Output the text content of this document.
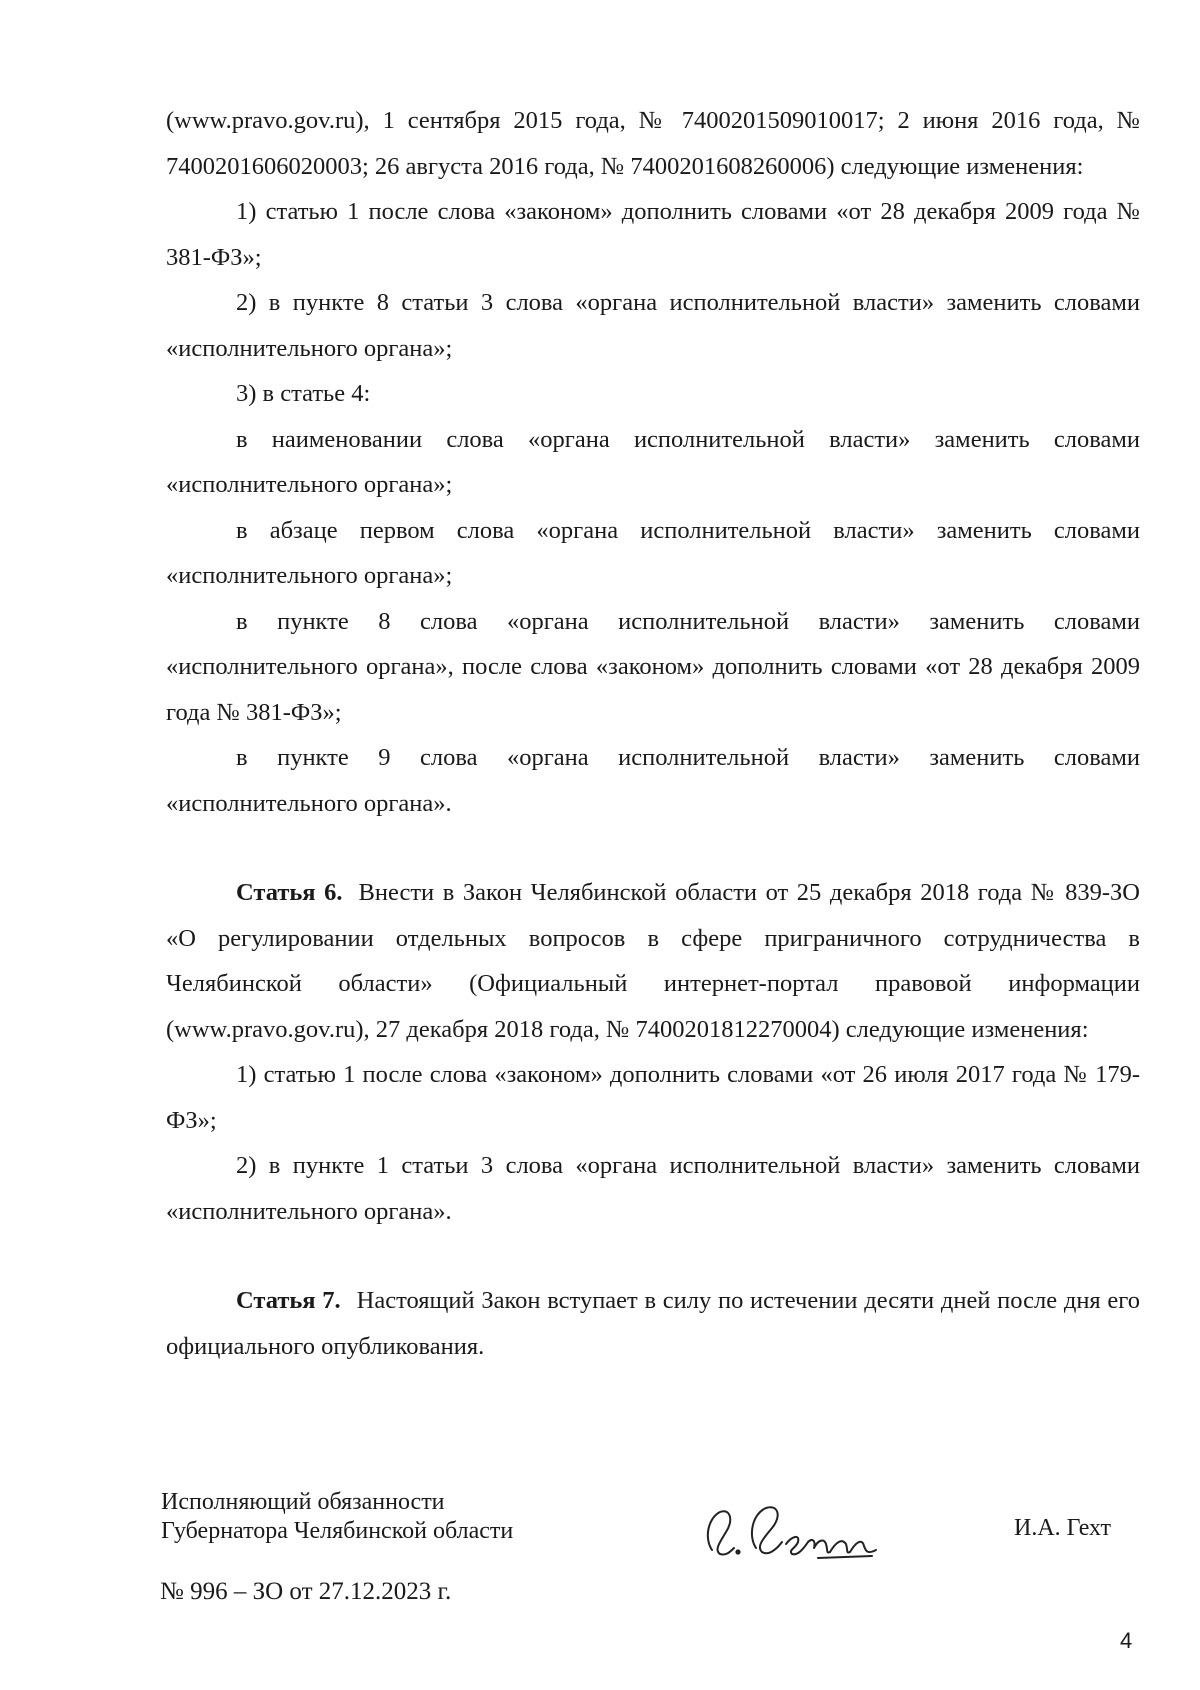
(www.pravo.gov.ru), 1 сентября 2015 года, № 7400201509010017; 2 июня 2016 года, № 7400201606020003; 26 августа 2016 года, № 7400201608260006) следующие изменения:

1) статью 1 после слова «законом» дополнить словами «от 28 декабря 2009 года № 381-ФЗ»;

2) в пункте 8 статьи 3 слова «органа исполнительной власти» заменить словами «исполнительного органа»;

3) в статье 4:

в наименовании слова «органа исполнительной власти» заменить словами «исполнительного органа»;

в абзаце первом слова «органа исполнительной власти» заменить словами «исполнительного органа»;

в пункте 8 слова «органа исполнительной власти» заменить словами «исполнительного органа», после слова «законом» дополнить словами «от 28 декабря 2009 года № 381-ФЗ»;

в пункте 9 слова «органа исполнительной власти» заменить словами «исполнительного органа».

Статья 6. Внести в Закон Челябинской области от 25 декабря 2018 года № 839-ЗО «О регулировании отдельных вопросов в сфере приграничного сотрудничества в Челябинской области» (Официальный интернет-портал правовой информации (www.pravo.gov.ru), 27 декабря 2018 года, № 7400201812270004) следующие изменения:

1) статью 1 после слова «законом» дополнить словами «от 26 июля 2017 года № 179-ФЗ»;

2) в пункте 1 статьи 3 слова «органа исполнительной власти» заменить словами «исполнительного органа».

Статья 7. Настоящий Закон вступает в силу по истечении десяти дней после дня его официального опубликования.

Исполняющий обязанности
Губернатора Челябинской области	И.А. Гехт
№ 996 – ЗО от 27.12.2023 г.
4
